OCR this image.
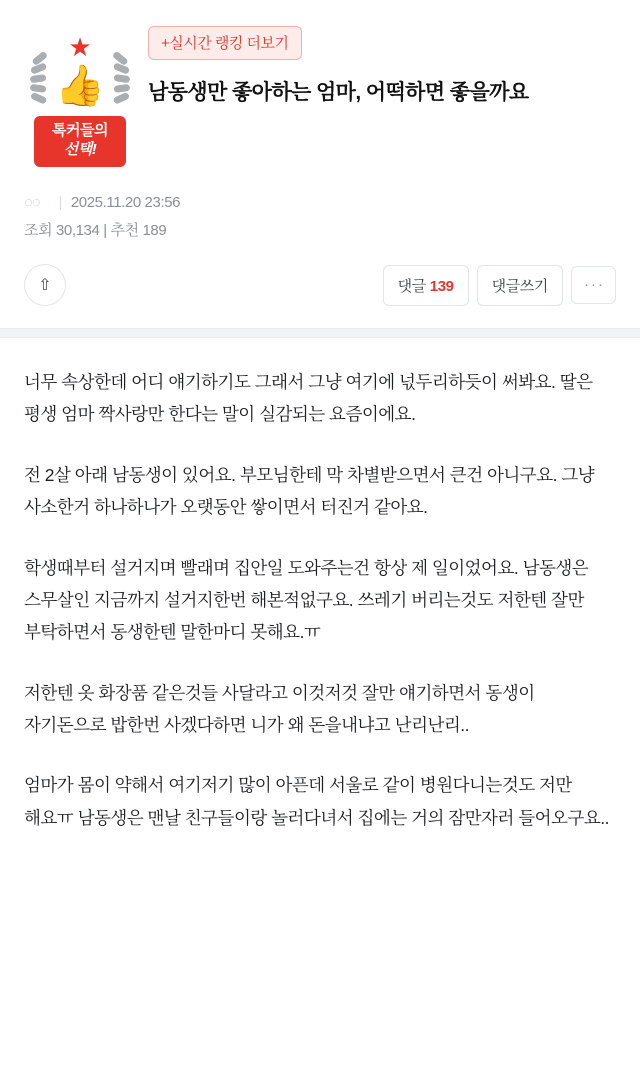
★
👍
톡커들의
선택!
+실시간 랭킹 더보기
남동생만 좋아하는 엄마, 어떡하면 좋을까요
◌◌ 2025.11.20 23:56
조회 30,134 | 추천 189
⇧	댓글 139	댓글쓰기	···

너무 속상한데 어디 얘기하기도 그래서 그냥 여기에 넋두리하듯이 써봐요. 딸은 평생 엄마 짝사랑만 한다는 말이 실감되는 요즘이에요.

전 2살 아래 남동생이 있어요. 부모님한테 막 차별받으면서 큰건 아니구요. 그냥 사소한거 하나하나가 오랫동안 쌓이면서 터진거 같아요.

학생때부터 설거지며 빨래며 집안일 도와주는건 항상 제 일이었어요. 남동생은 스무살인 지금까지 설거지한번 해본적없구요. 쓰레기 버리는것도 저한텐 잘만 부탁하면서 동생한텐 말한마디 못해요.ㅠ

저한텐 옷 화장품 같은것들 사달라고 이것저것 잘만 얘기하면서 동생이 자기돈으로 밥한번 사겠다하면 니가 왜 돈을내냐고 난리난리..

엄마가 몸이 약해서 여기저기 많이 아픈데 서울로 같이 병원다니는것도 저만 해요ㅠ 남동생은 맨날 친구들이랑 놀러다녀서 집에는 거의 잠만자러 들어오구요..
